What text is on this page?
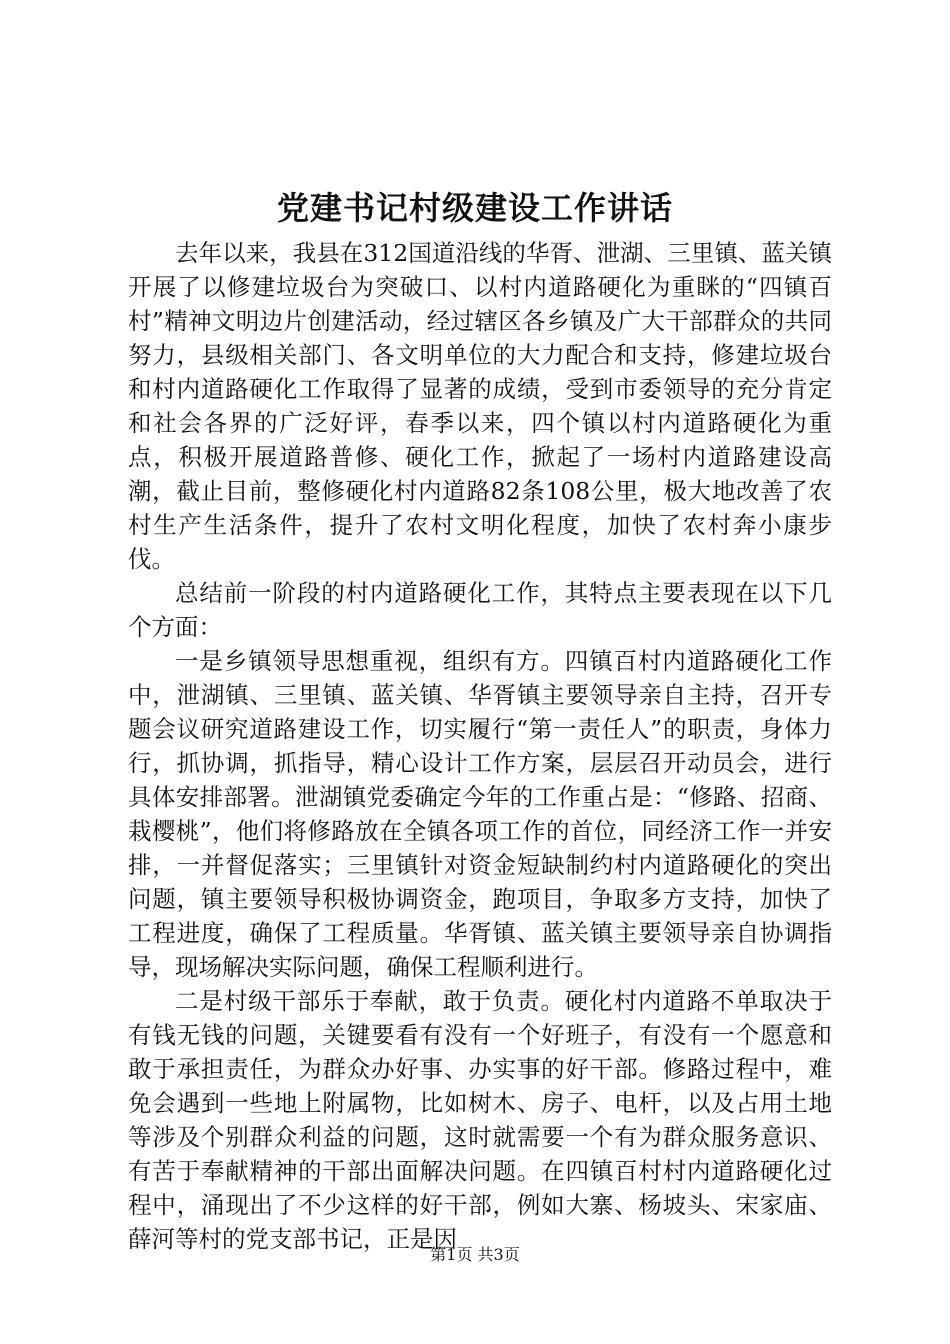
党建书记村级建设工作讲话

去年以来，我县在312国道沿线的华胥、泄湖、三里镇、蓝关镇开展了以修建垃圾台为突破口、以村内道路硬化为重眯的“四镇百村”精神文明边片创建活动，经过辖区各乡镇及广大干部群众的共同努力，县级相关部门、各文明单位的大力配合和支持，修建垃圾台和村内道路硬化工作取得了显著的成绩，受到市委领导的充分肯定和社会各界的广泛好评，春季以来，四个镇以村内道路硬化为重点，积极开展道路普修、硬化工作，掀起了一场村内道路建设高潮，截止目前，整修硬化村内道路82条108公里，极大地改善了农村生产生活条件，提升了农村文明化程度，加快了农村奔小康步伐。

总结前一阶段的村内道路硬化工作，其特点主要表现在以下几个方面：

一是乡镇领导思想重视，组织有方。四镇百村内道路硬化工作中，泄湖镇、三里镇、蓝关镇、华胥镇主要领导亲自主持，召开专题会议研究道路建设工作，切实履行“第一责任人”的职责，身体力行，抓协调，抓指导，精心设计工作方案，层层召开动员会，进行具体安排部署。泄湖镇党委确定今年的工作重占是：“修路、招商、栽樱桃”，他们将修路放在全镇各项工作的首位，同经济工作一并安排，一并督促落实；三里镇针对资金短缺制约村内道路硬化的突出问题，镇主要领导积极协调资金，跑项目，争取多方支持，加快了工程进度，确保了工程质量。华胥镇、蓝关镇主要领导亲自协调指导，现场解决实际问题，确保工程顺利进行。

二是村级干部乐于奉献，敢于负责。硬化村内道路不单取决于有钱无钱的问题，关键要看有没有一个好班子，有没有一个愿意和敢于承担责任，为群众办好事、办实事的好干部。修路过程中，难免会遇到一些地上附属物，比如树木、房子、电杆，以及占用土地等涉及个别群众利益的问题，这时就需要一个有为群众服务意识、有苦于奉献精神的干部出面解决问题。在四镇百村村内道路硬化过程中，涌现出了不少这样的好干部，例如大寨、杨坡头、宋家庙、薛河等村的党支部书记，正是因

第1页 共3页
